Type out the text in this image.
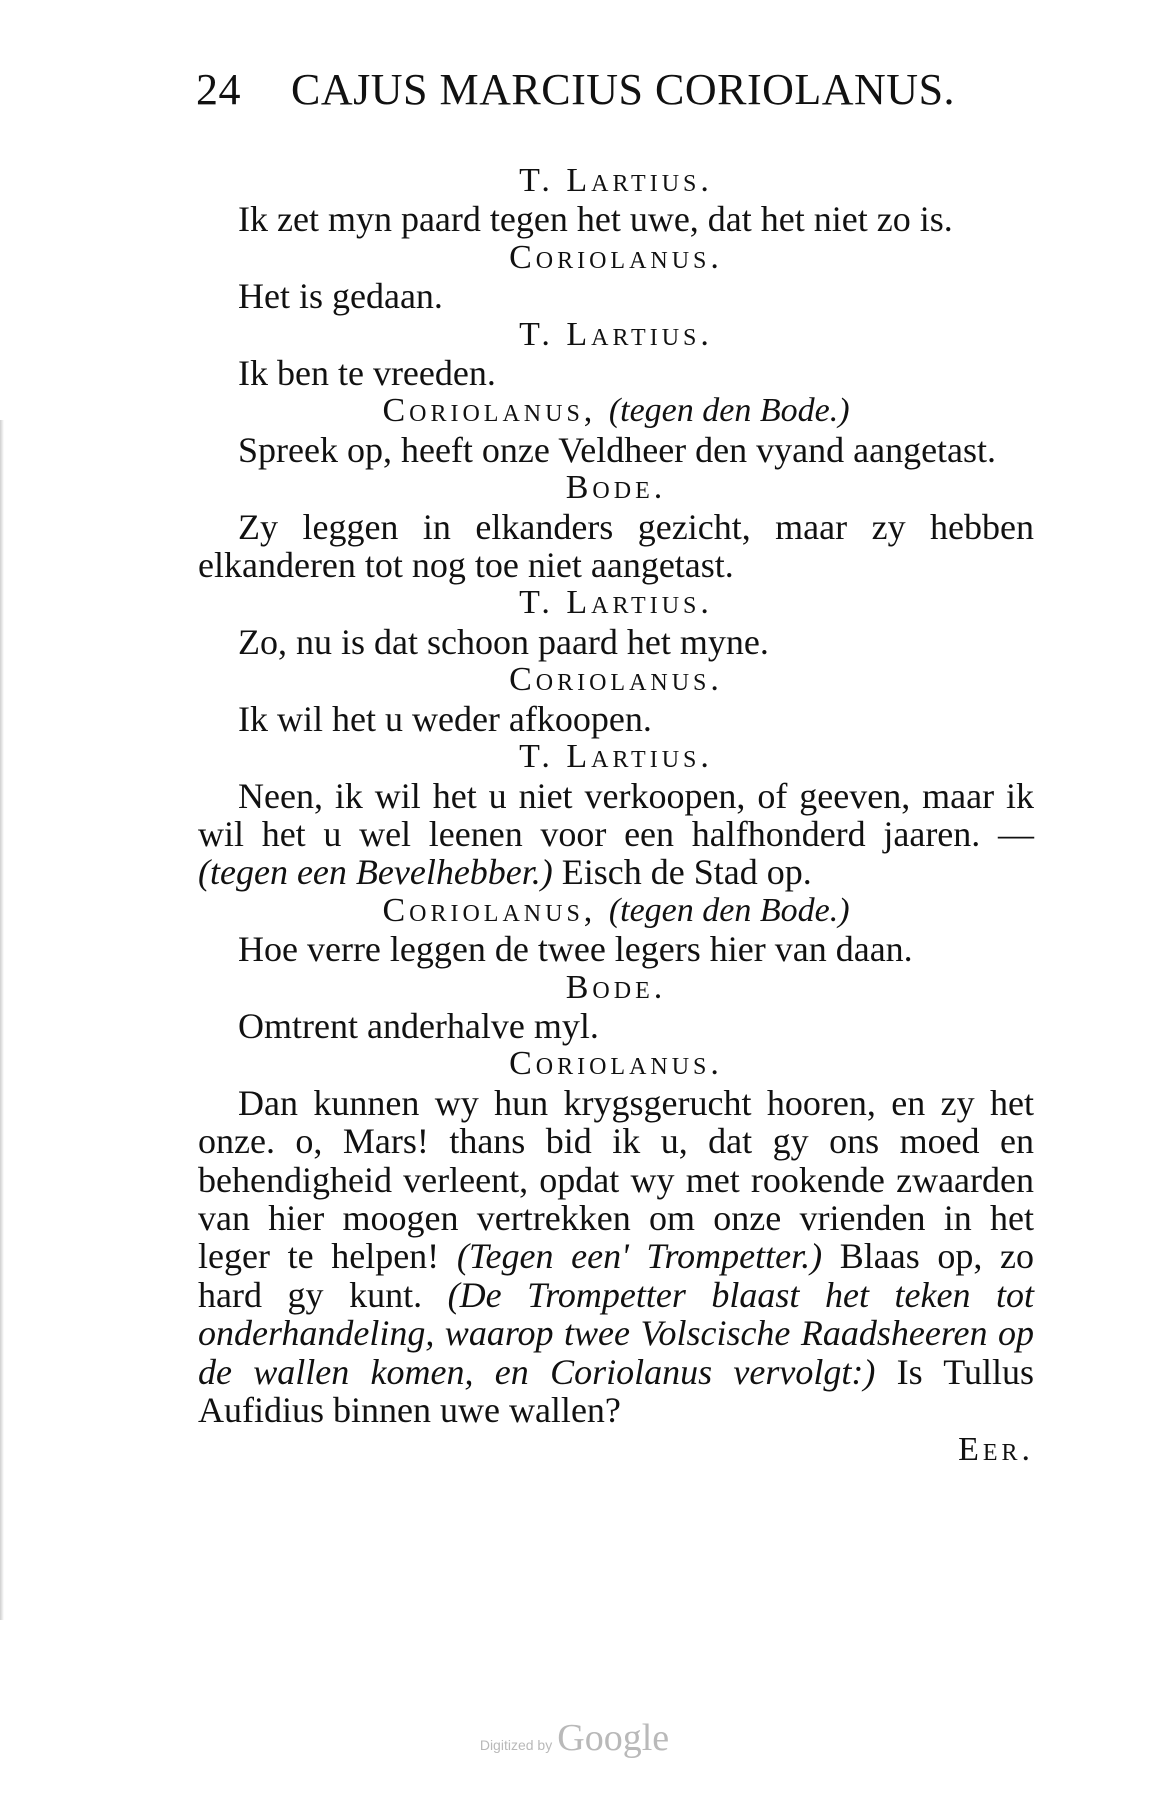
24 CAJUS MARCIUS CORIOLANUS.
T. Lartius.

Ik zet myn paard tegen het uwe, dat het niet zo is.

Coriolanus.

Het is gedaan.

T. Lartius.

Ik ben te vreeden.

Coriolanus, (tegen den Bode.)

Spreek op, heeft onze Veldheer den vyand aangetast.

Bode.

Zy leggen in elkanders gezicht, maar zy hebben elkanderen tot nog toe niet aangetast.

T. Lartius.

Zo, nu is dat schoon paard het myne.

Coriolanus.

Ik wil het u weder afkoopen.

T. Lartius.

Neen, ik wil het u niet verkoopen, of geeven, maar ik wil het u wel leenen voor een halfhonderd jaaren. — (tegen een Bevelhebber.) Eisch de Stad op.

Coriolanus, (tegen den Bode.)

Hoe verre leggen de twee legers hier van daan.

Bode.

Omtrent anderhalve myl.

Coriolanus.

Dan kunnen wy hun krygsgerucht hooren, en zy het onze. o, Mars! thans bid ik u, dat gy ons moed en behendigheid verleent, opdat wy met rookende zwaarden van hier moogen vertrekken om onze vrienden in het leger te helpen! (Tegen een' Trompetter.) Blaas op, zo hard gy kunt. (De Trompetter blaast het teken tot onderhandeling, waarop twee Volscische Raadsheeren op de wallen komen, en Coriolanus vervolgt:) Is Tullus Aufidius binnen uwe wallen?

Eer.
Digitized by Google
